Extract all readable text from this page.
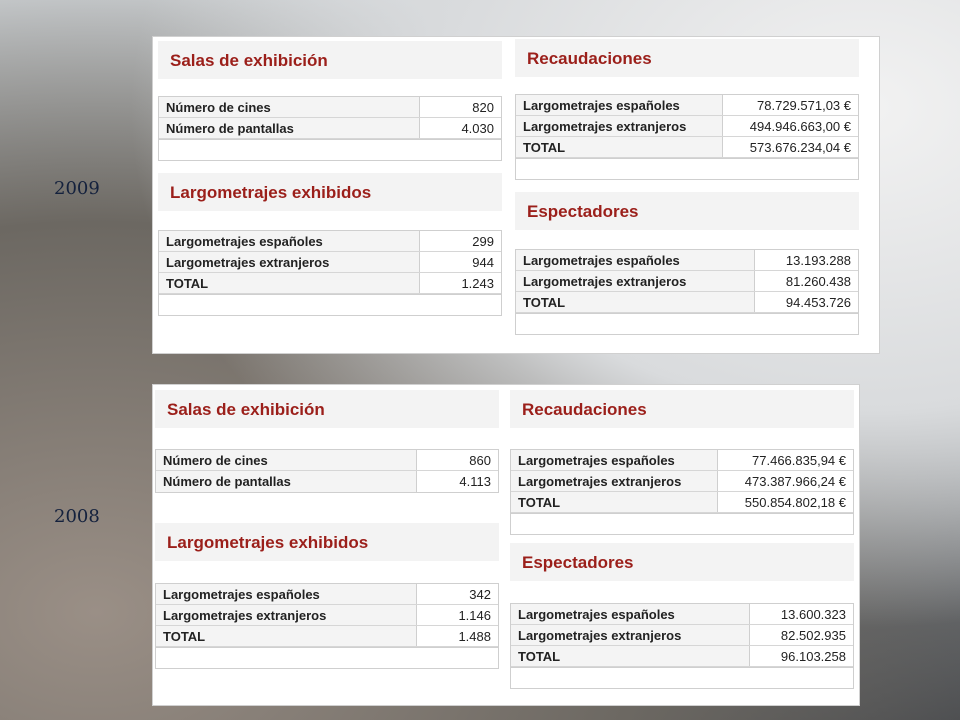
2009
2008
Salas de exhibición
Número de cines	820
Número de pantallas	4.030
Largometrajes exhibidos
Largometrajes españoles	299
Largometrajes extranjeros	944
TOTAL	1.243
Recaudaciones
Largometrajes españoles	78.729.571,03 €
Largometrajes extranjeros	494.946.663,00 €
TOTAL	573.676.234,04 €
Espectadores
Largometrajes españoles	13.193.288
Largometrajes extranjeros	81.260.438
TOTAL	94.453.726
Salas de exhibición
Número de cines	860
Número de pantallas	4.113
Largometrajes exhibidos
Largometrajes españoles	342
Largometrajes extranjeros	1.146
TOTAL	1.488
Recaudaciones
Largometrajes españoles	77.466.835,94 €
Largometrajes extranjeros	473.387.966,24 €
TOTAL	550.854.802,18 €
Espectadores
Largometrajes españoles	13.600.323
Largometrajes extranjeros	82.502.935
TOTAL	96.103.258
